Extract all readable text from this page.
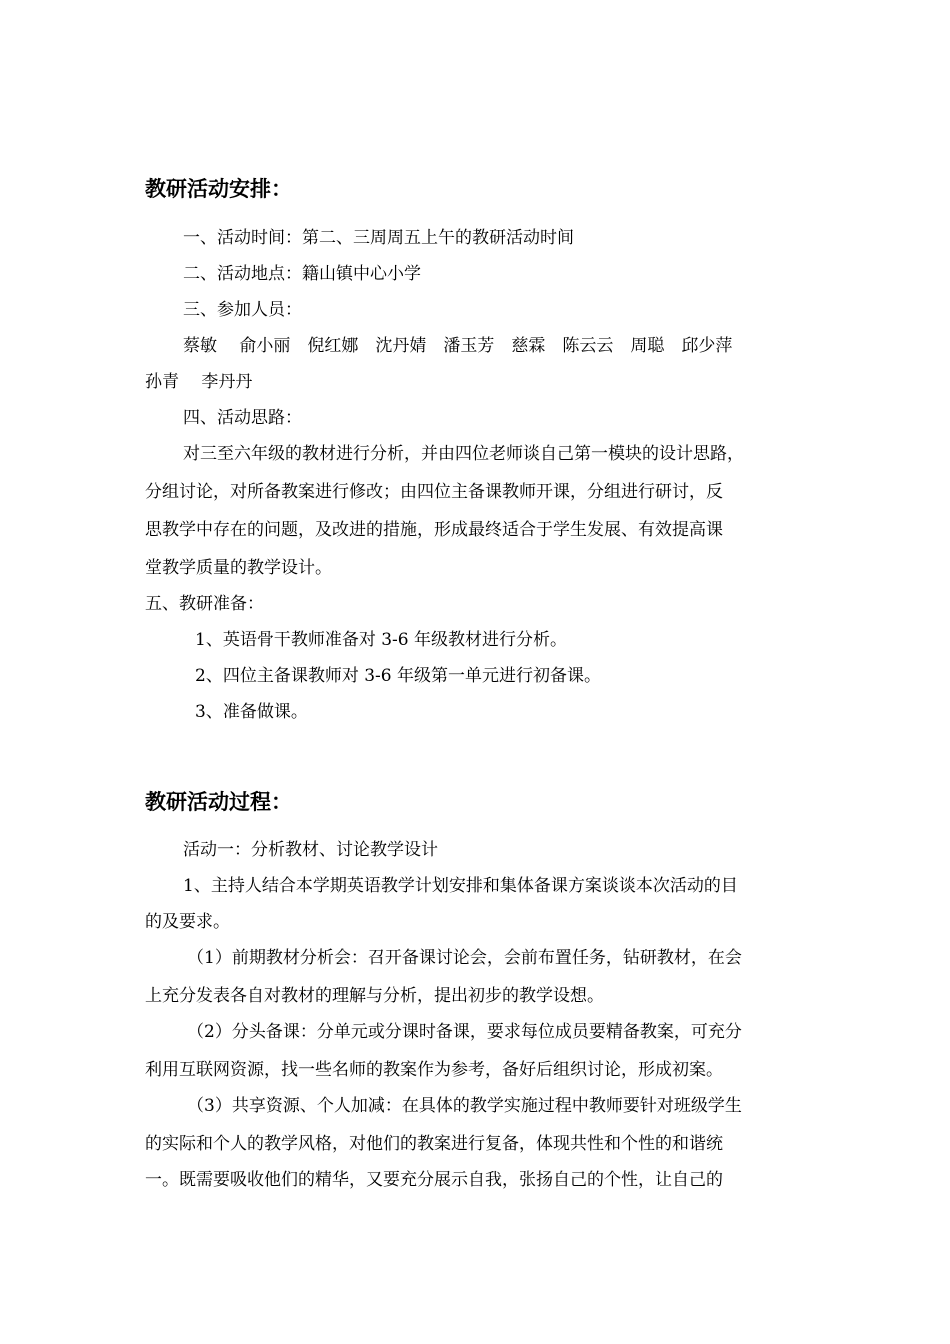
教研活动安排：

一、活动时间：第二、三周周五上午的教研活动时间

二、活动地点：籍山镇中心小学

三、参加人员：

蔡敏　 俞小丽　倪红娜　沈丹婧　潘玉芳　慈霖　陈云云　周聪　邱少萍

孙青　 李丹丹

四、活动思路：

对三至六年级的教材进行分析，并由四位老师谈自己第一模块的设计思路，

分组讨论，对所备教案进行修改；由四位主备课教师开课，分组进行研讨，反

思教学中存在的问题，及改进的措施，形成最终适合于学生发展、有效提高课

堂教学质量的教学设计。

五、教研准备：

1、英语骨干教师准备对 3-6 年级教材进行分析。

2、四位主备课教师对 3-6 年级第一单元进行初备课。

3、准备做课。

教研活动过程：

活动一：分析教材、讨论教学设计

1、主持人结合本学期英语教学计划安排和集体备课方案谈谈本次活动的目

的及要求。

（1）前期教材分析会：召开备课讨论会，会前布置任务，钻研教材，在会

上充分发表各自对教材的理解与分析，提出初步的教学设想。

（2）分头备课：分单元或分课时备课，要求每位成员要精备教案，可充分

利用互联网资源，找一些名师的教案作为参考，备好后组织讨论，形成初案。

（3）共享资源、个人加减：在具体的教学实施过程中教师要针对班级学生

的实际和个人的教学风格，对他们的教案进行复备，体现共性和个性的和谐统

一。既需要吸收他们的精华，又要充分展示自我，张扬自己的个性，让自己的
